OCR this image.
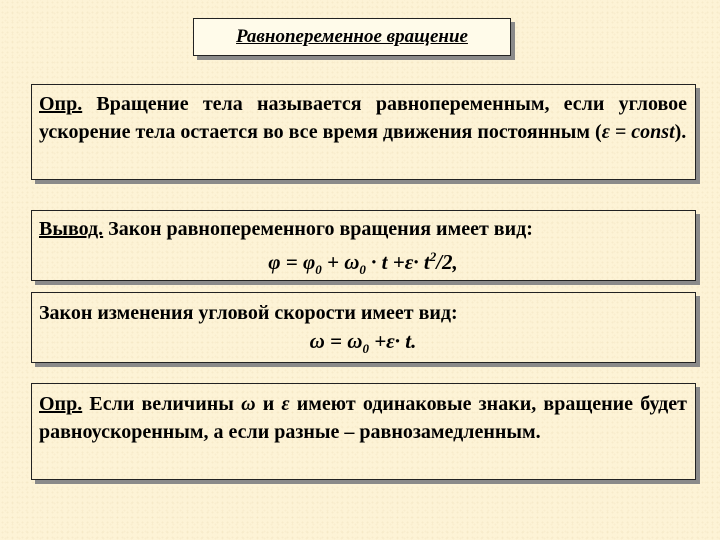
Равнопеременное вращение
Опр. Вращение тела называется равнопеременным, если угловое ускорение тела остается во все время движения постоянным (ε = const).
Вывод. Закон равнопеременного вращения имеет вид:
$\varphi = \varphi_0 + \omega_0 \cdot t +\varepsilon\cdot t^2/2$,
Закон изменения угловой скорости имеет вид:
$\omega = \omega_0 +\varepsilon\cdot t$.
Опр. Если величины ω и ε имеют одинаковые знаки, вращение будет равноускоренным, а если разные – равнозамедленным.
